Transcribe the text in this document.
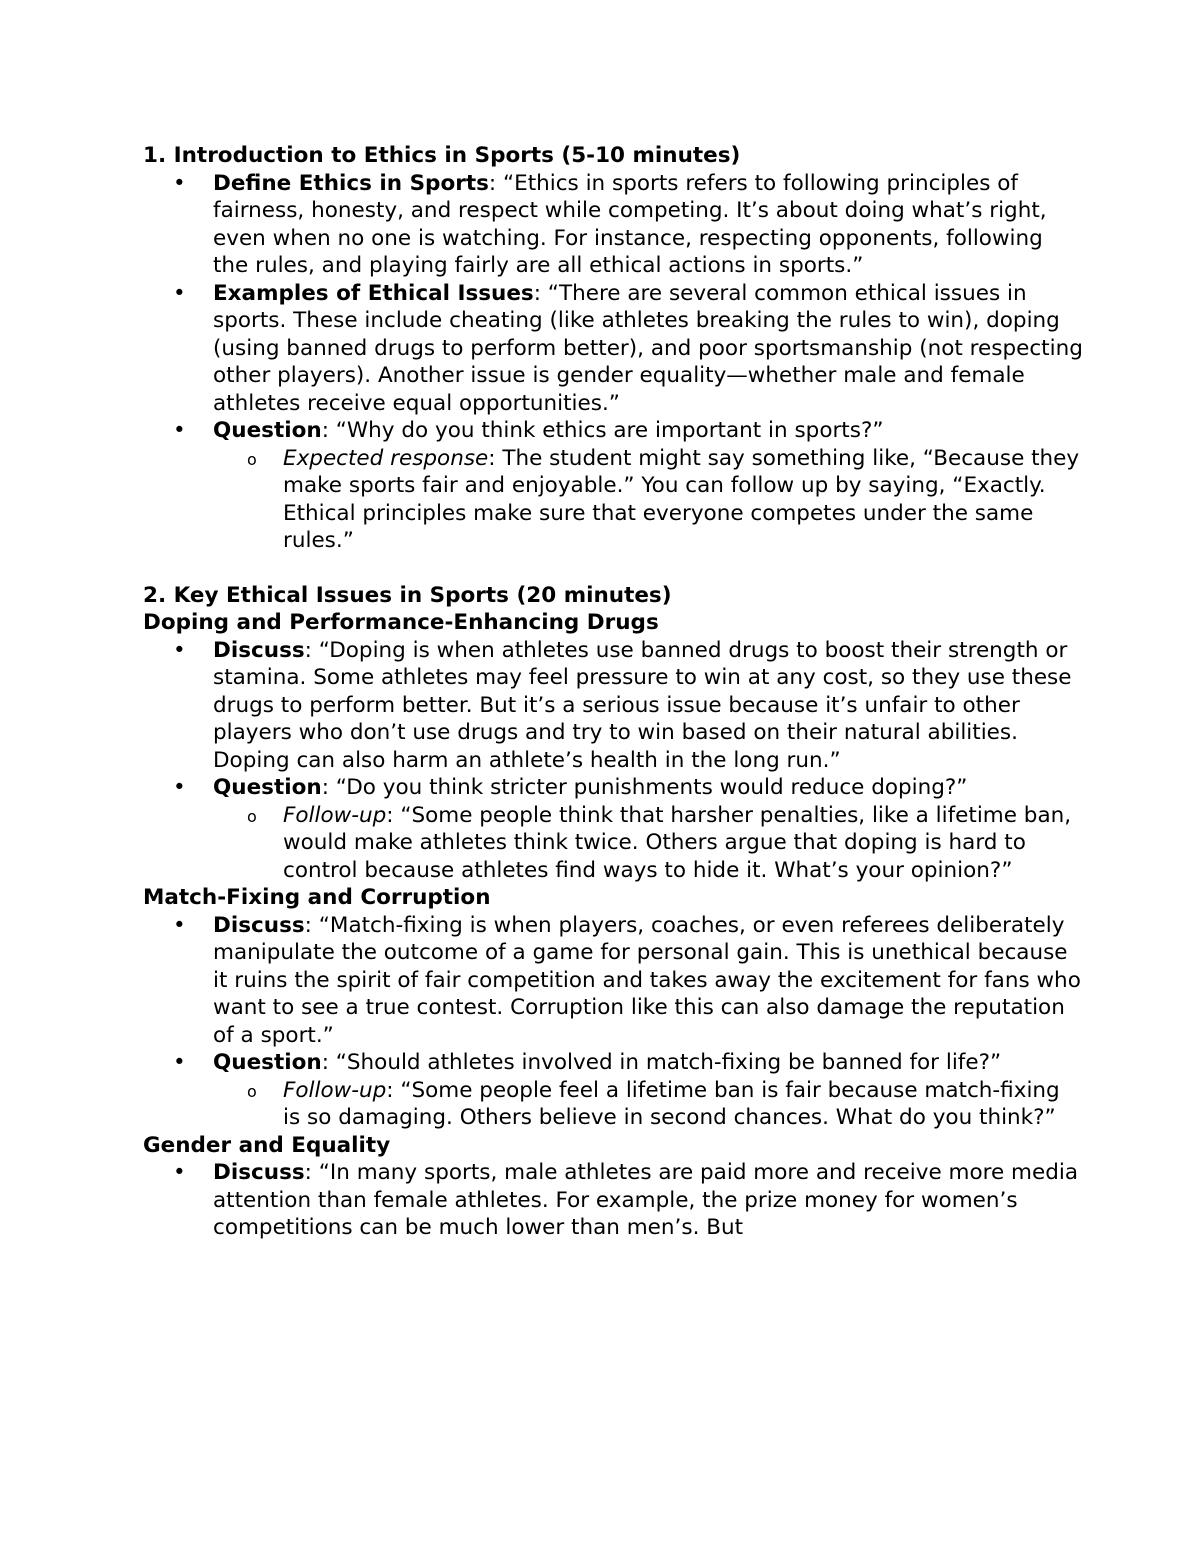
1. Introduction to Ethics in Sports (5-10 minutes)
• Define Ethics in Sports: “Ethics in sports refers to following principles of fairness, honesty, and respect while competing. It’s about doing what’s right, even when no one is watching. For instance, respecting opponents, following the rules, and playing fairly are all ethical actions in sports.”
• Examples of Ethical Issues: “There are several common ethical issues in sports. These include cheating (like athletes breaking the rules to win), doping (using banned drugs to perform better), and poor sportsmanship (not respecting other players). Another issue is gender equality—whether male and female athletes receive equal opportunities.”
• Question: “Why do you think ethics are important in sports?”
o Expected response: The student might say something like, “Because they make sports fair and enjoyable.” You can follow up by saying, “Exactly. Ethical principles make sure that everyone competes under the same rules.”
2. Key Ethical Issues in Sports (20 minutes)
Doping and Performance-Enhancing Drugs
• Discuss: “Doping is when athletes use banned drugs to boost their strength or stamina. Some athletes may feel pressure to win at any cost, so they use these drugs to perform better. But it’s a serious issue because it’s unfair to other players who don’t use drugs and try to win based on their natural abilities. Doping can also harm an athlete’s health in the long run.”
• Question: “Do you think stricter punishments would reduce doping?”
o Follow-up: “Some people think that harsher penalties, like a lifetime ban, would make athletes think twice. Others argue that doping is hard to control because athletes find ways to hide it. What’s your opinion?”
Match-Fixing and Corruption
• Discuss: “Match-fixing is when players, coaches, or even referees deliberately manipulate the outcome of a game for personal gain. This is unethical because it ruins the spirit of fair competition and takes away the excitement for fans who want to see a true contest. Corruption like this can also damage the reputation of a sport.”
• Question: “Should athletes involved in match-fixing be banned for life?”
o Follow-up: “Some people feel a lifetime ban is fair because match-fixing is so damaging. Others believe in second chances. What do you think?”
Gender and Equality
• Discuss: “In many sports, male athletes are paid more and receive more media attention than female athletes. For example, the prize money for women’s competitions can be much lower than men’s. But
